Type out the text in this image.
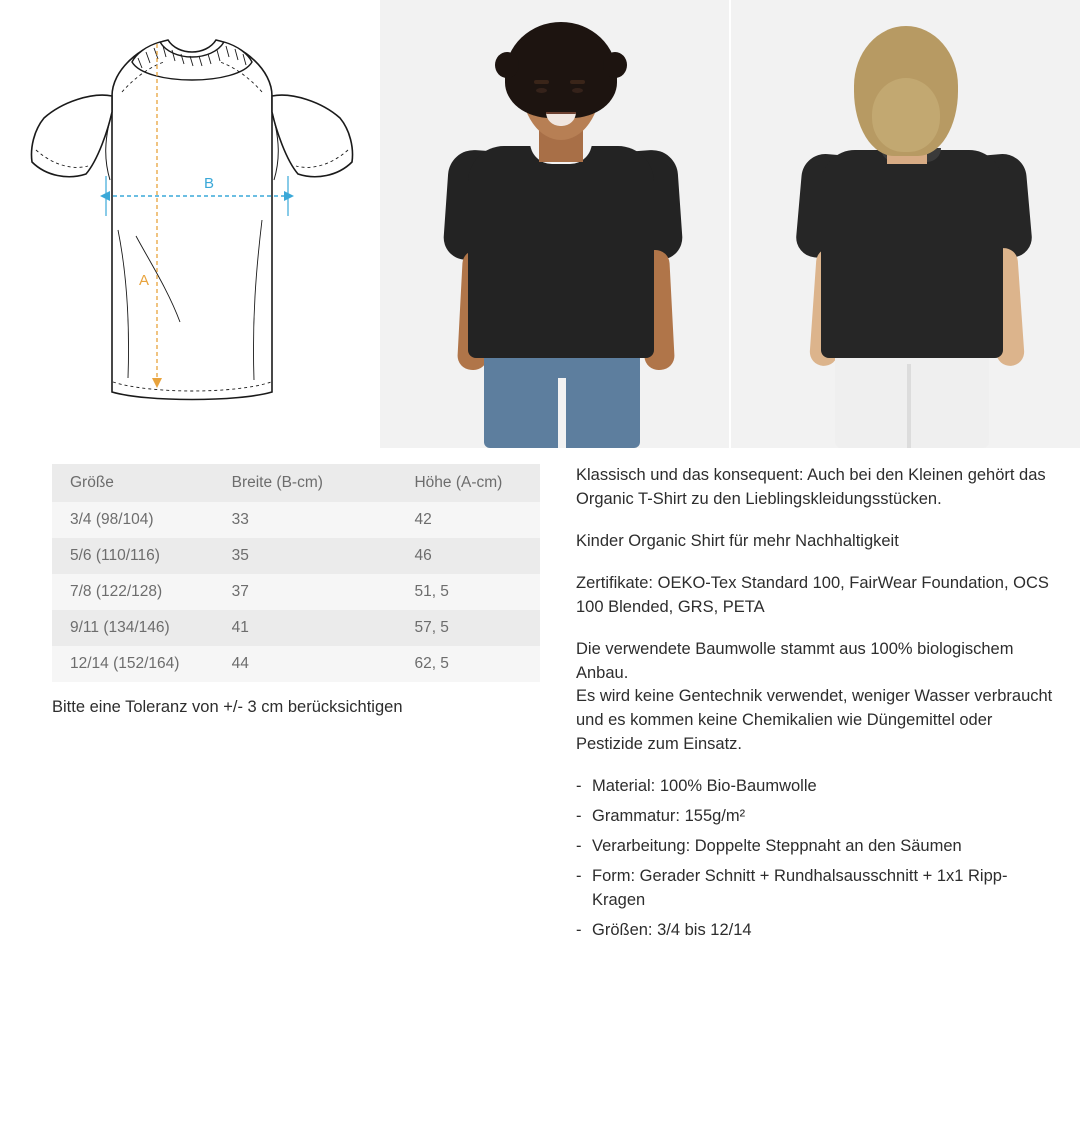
B
A
Größe	Breite (B-cm)	Höhe (A-cm)
3/4 (98/104)	33	42
5/6 (110/116)	35	46
7/8 (122/128)	37	51, 5
9/11 (134/146)	41	57, 5
12/14 (152/164)	44	62, 5
Bitte eine Toleranz von +/- 3 cm berücksichtigen

Klassisch und das konsequent: Auch bei den Kleinen gehört das Organic T-Shirt zu den Lieblingskleidungsstücken.

Kinder Organic Shirt für mehr Nachhaltigkeit

Zertifikate: OEKO-Tex Standard 100, FairWear Foundation, OCS 100 Blended, GRS, PETA

Die verwendete Baumwolle stammt aus 100% biologischem Anbau.

Es wird keine Gentechnik verwendet, weniger Wasser verbraucht und es kommen keine Chemikalien wie Düngemittel oder Pestizide zum Einsatz.

- Material: 100% Bio-Baumwolle
- Grammatur: 155g/m²
- Verarbeitung: Doppelte Steppnaht an den Säumen
- Form: Gerader Schnitt + Rundhalsausschnitt + 1x1 Ripp-Kragen
- Größen: 3/4 bis 12/14
